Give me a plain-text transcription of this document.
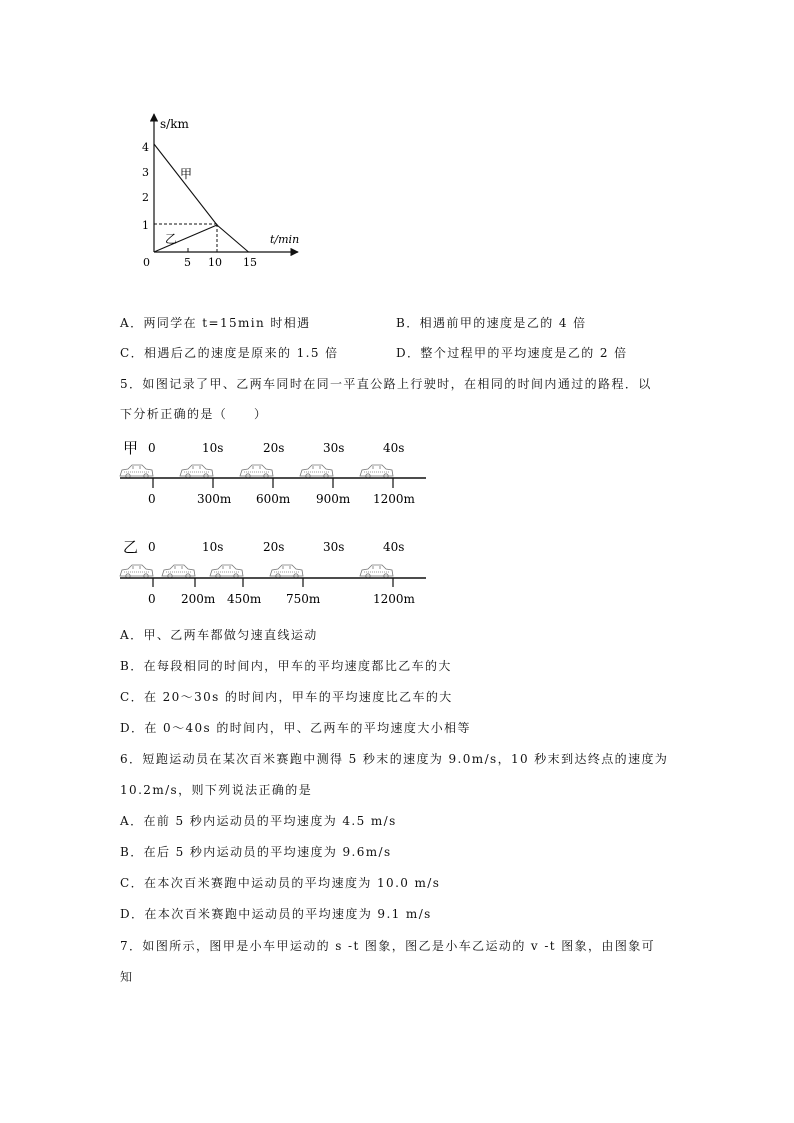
s/km
t/min
4
3
2
1
0	5 10 15
甲
乙
A．两同学在 t=15min 时相遇	B．相遇前甲的速度是乙的 4 倍
C．相遇后乙的速度是原来的 1.5 倍	D．整个过程甲的平均速度是乙的 2 倍
5．如图记录了甲、乙两车同时在同一平直公路上行驶时，在相同的时间内通过的路程．以
下分析正确的是（　　）
甲 0	10s	20s	30s	40s
0	300m 600m 900m 1200m
乙 0	10s	20s	30s	40s
0 200m 450m 750m	1200m
A．甲、乙两车都做匀速直线运动
B．在每段相同的时间内，甲车的平均速度都比乙车的大
C．在 20～30s 的时间内，甲车的平均速度比乙车的大
D．在 0～40s 的时间内，甲、乙两车的平均速度大小相等
6．短跑运动员在某次百米赛跑中测得 5 秒末的速度为 9.0m/s，10 秒末到达终点的速度为
10.2m/s，则下列说法正确的是
A．在前 5 秒内运动员的平均速度为 4.5 m/s
B．在后 5 秒内运动员的平均速度为 9.6m/s
C．在本次百米赛跑中运动员的平均速度为 10.0 m/s
D．在本次百米赛跑中运动员的平均速度为 9.1 m/s
7．如图所示，图甲是小车甲运动的 s -t 图象，图乙是小车乙运动的 v -t 图象，由图象可
知
